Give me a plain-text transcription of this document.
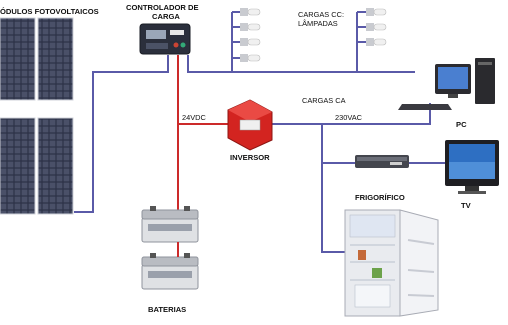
ÓDULOS FOTOVOLTAICOS	CONTROLADOR DE
CARGA	CARGAS CC:
LÂMPADAS
INVERSOR
24VDC	230VAC
CARGAS CA
PC
TV
FRIGORÍFICO
BATERIAS
